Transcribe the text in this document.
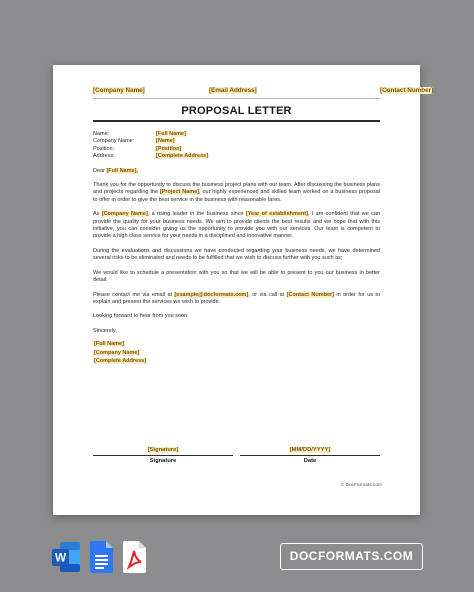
[Company Name]	[Email Address]	[Contact Number]
PROPOSAL LETTER
Name:	[Full Name]
Company Name:	[Name]
Position:	[Position]
Address:	[Complete Address]

Dear [Full Name],

Thank you for the opportunity to discuss the business project plans with our team. After discussing the business plans and projects regarding the [Project Name], our highly experienced and skilled team worked on a business proposal to offer in order to give the best service in the business with reasonable fares.

As [Company Name], a rising leader in the business since [Year of establishment], I am confident that we can provide the quality for your business needs. We aim to provide clients the best results and we hope that with this initiative, you can consider giving us the opportunity to provide you with our services. Our team is competent to provide a high class service for your needs in a disciplined and innovative manner.

During the evaluations and discussions we have conducted regarding your business needs, we have determined several risks to be eliminated and needs to be fulfilled that we wish to discuss further with you such as;

We would like to schedule a presentation with you so that we will be able to present to you our business in better detail.

Please contact me via email at [example@docformats.com], or via call at [Contact Number] in order for us to explain and present the services we wish to provide.

Looking forward to hear from you soon.

Sincerely,

[Full Name]
[Company Name]
[Complete Address]
[Signature]
Signature
[MM/DD/YYYY]
Date
© DocFormats.com
W	DOCFORMATS.COM
